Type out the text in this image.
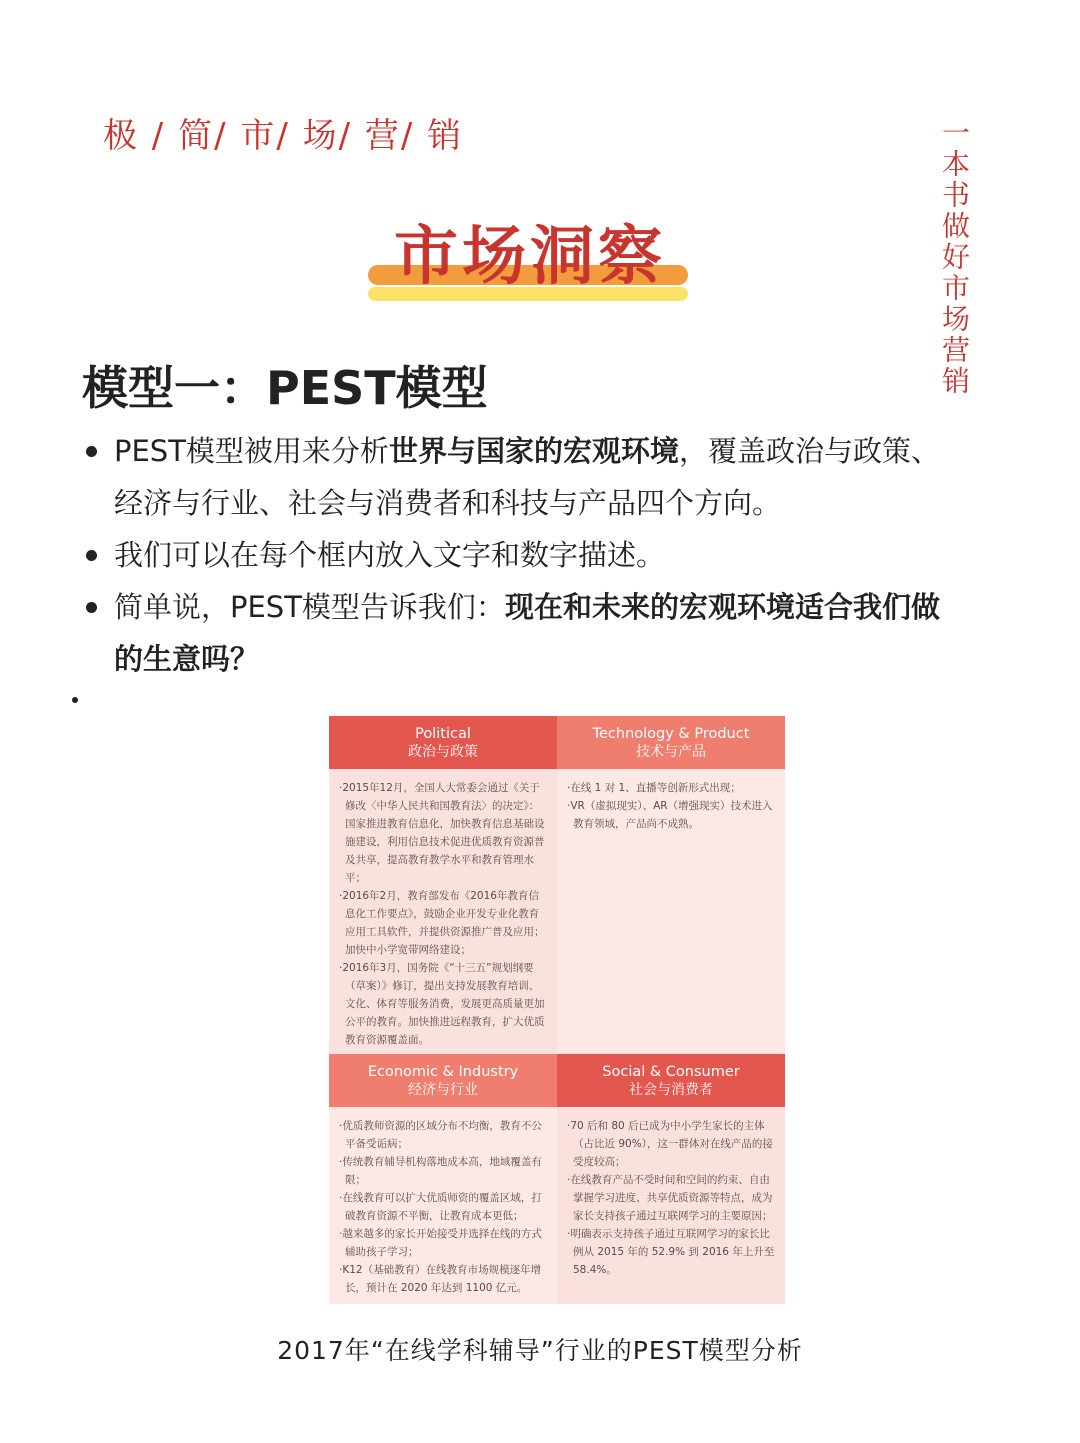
极 / 简/ 市/ 场/ 营/ 销	一本书做好市场营销
市场洞察
模型一：PEST模型
PEST模型被用来分析世界与国家的宏观环境，覆盖政治与政策、经济与行业、社会与消费者和科技与产品四个方向。
我们可以在每个框内放入文字和数字描述。
简单说，PEST模型告诉我们：现在和未来的宏观环境适合我们做的生意吗？
Political
政治与政策
Technology & Product
技术与产品

·2015年12月，全国人大常委会通过《关于修改〈中华人民共和国教育法〉的决定》：国家推进教育信息化，加快教育信息基础设施建设，利用信息技术促进优质教育资源普及共享，提高教育教学水平和教育管理水平；

·2016年2月，教育部发布《2016年教育信息化工作要点》，鼓励企业开发专业化教育应用工具软件，并提供资源推广普及应用；加快中小学宽带网络建设；

·2016年3月，国务院《“十三五”规划纲要（草案）》修订，提出支持发展教育培训、文化、体育等服务消费，发展更高质量更加公平的教育。加快推进远程教育，扩大优质教育资源覆盖面。

·在线 1 对 1、直播等创新形式出现；

·VR（虚拟现实）、AR（增强现实）技术进入教育领域，产品尚不成熟。

Economic & Industry
经济与行业
Social & Consumer
社会与消费者

·优质教师资源的区域分布不均衡，教育不公平备受诟病；

·传统教育辅导机构落地成本高，地域覆盖有限；

·在线教育可以扩大优质师资的覆盖区域，打破教育资源不平衡，让教育成本更低；

·越来越多的家长开始接受并选择在线的方式辅助孩子学习；

·K12（基础教育）在线教育市场规模逐年增长，预计在 2020 年达到 1100 亿元。

·70 后和 80 后已成为中小学生家长的主体（占比近 90%），这一群体对在线产品的接受度较高；

·在线教育产品不受时间和空间的约束、自由掌握学习进度、共享优质资源等特点，成为家长支持孩子通过互联网学习的主要原因；

·明确表示支持孩子通过互联网学习的家长比例从 2015 年的 52.9% 到 2016 年上升至 58.4%。

2017年“在线学科辅导”行业的PEST模型分析
